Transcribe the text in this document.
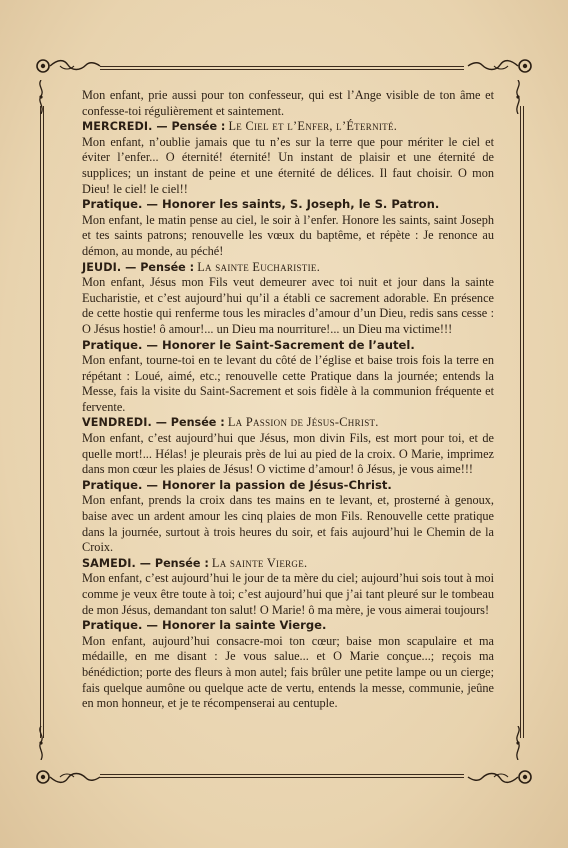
Mon enfant, prie aussi pour ton confesseur, qui est l’Ange visible de ton âme et confesse-toi régulièrement et saintement.

MERCREDI. — Pensée : Le Ciel et l’Enfer, l’Éternité.

Mon enfant, n’oublie jamais que tu n’es sur la terre que pour mériter le ciel et éviter l’enfer... O éternité! éternité! Un instant de plaisir et une éternité de supplices; un instant de peine et une éternité de délices. Il faut choisir. O mon Dieu! le ciel! le ciel!!

Pratique. — Honorer les saints, S. Joseph, le S. Patron.

Mon enfant, le matin pense au ciel, le soir à l’enfer. Honore les saints, saint Joseph et tes saints patrons; renouvelle les vœux du baptême, et répète : Je renonce au démon, au monde, au péché!

JEUDI. — Pensée : La sainte Eucharistie.

Mon enfant, Jésus mon Fils veut demeurer avec toi nuit et jour dans la sainte Eucharistie, et c’est aujourd’hui qu’il a établi ce sacrement adorable. En présence de cette hostie qui renferme tous les miracles d’amour d’un Dieu, redis sans cesse : O Jésus hostie! ô amour!... un Dieu ma nourriture!... un Dieu ma victime!!!

Pratique. — Honorer le Saint-Sacrement de l’autel.

Mon enfant, tourne-toi en te levant du côté de l’église et baise trois fois la terre en répétant : Loué, aimé, etc.; renouvelle cette Pratique dans la journée; entends la Messe, fais la visite du Saint-Sacrement et sois fidèle à la communion fréquente et fervente.

VENDREDI. — Pensée : La Passion de Jésus-Christ.

Mon enfant, c’est aujourd’hui que Jésus, mon divin Fils, est mort pour toi, et de quelle mort!... Hélas! je pleurais près de lui au pied de la croix. O Marie, imprimez dans mon cœur les plaies de Jésus! O victime d’amour! ô Jésus, je vous aime!!!

Pratique. — Honorer la passion de Jésus-Christ.

Mon enfant, prends la croix dans tes mains en te levant, et, prosterné à genoux, baise avec un ardent amour les cinq plaies de mon Fils. Renouvelle cette pratique dans la journée, surtout à trois heures du soir, et fais aujourd’hui le Chemin de la Croix.

SAMEDI. — Pensée : La sainte Vierge.

Mon enfant, c’est aujourd’hui le jour de ta mère du ciel; aujourd’hui sois tout à moi comme je veux être toute à toi; c’est aujourd’hui que j’ai tant pleuré sur le tombeau de mon Jésus, demandant ton salut! O Marie! ô ma mère, je vous aimerai toujours!

Pratique. — Honorer la sainte Vierge.

Mon enfant, aujourd’hui consacre-moi ton cœur; baise mon scapulaire et ma médaille, en me disant : Je vous salue... et O Marie conçue...; reçois ma bénédiction; porte des fleurs à mon autel; fais brûler une petite lampe ou un cierge; fais quelque aumône ou quelque acte de vertu, entends la messe, communie, jeûne en mon honneur, et je te récompenserai au centuple.
